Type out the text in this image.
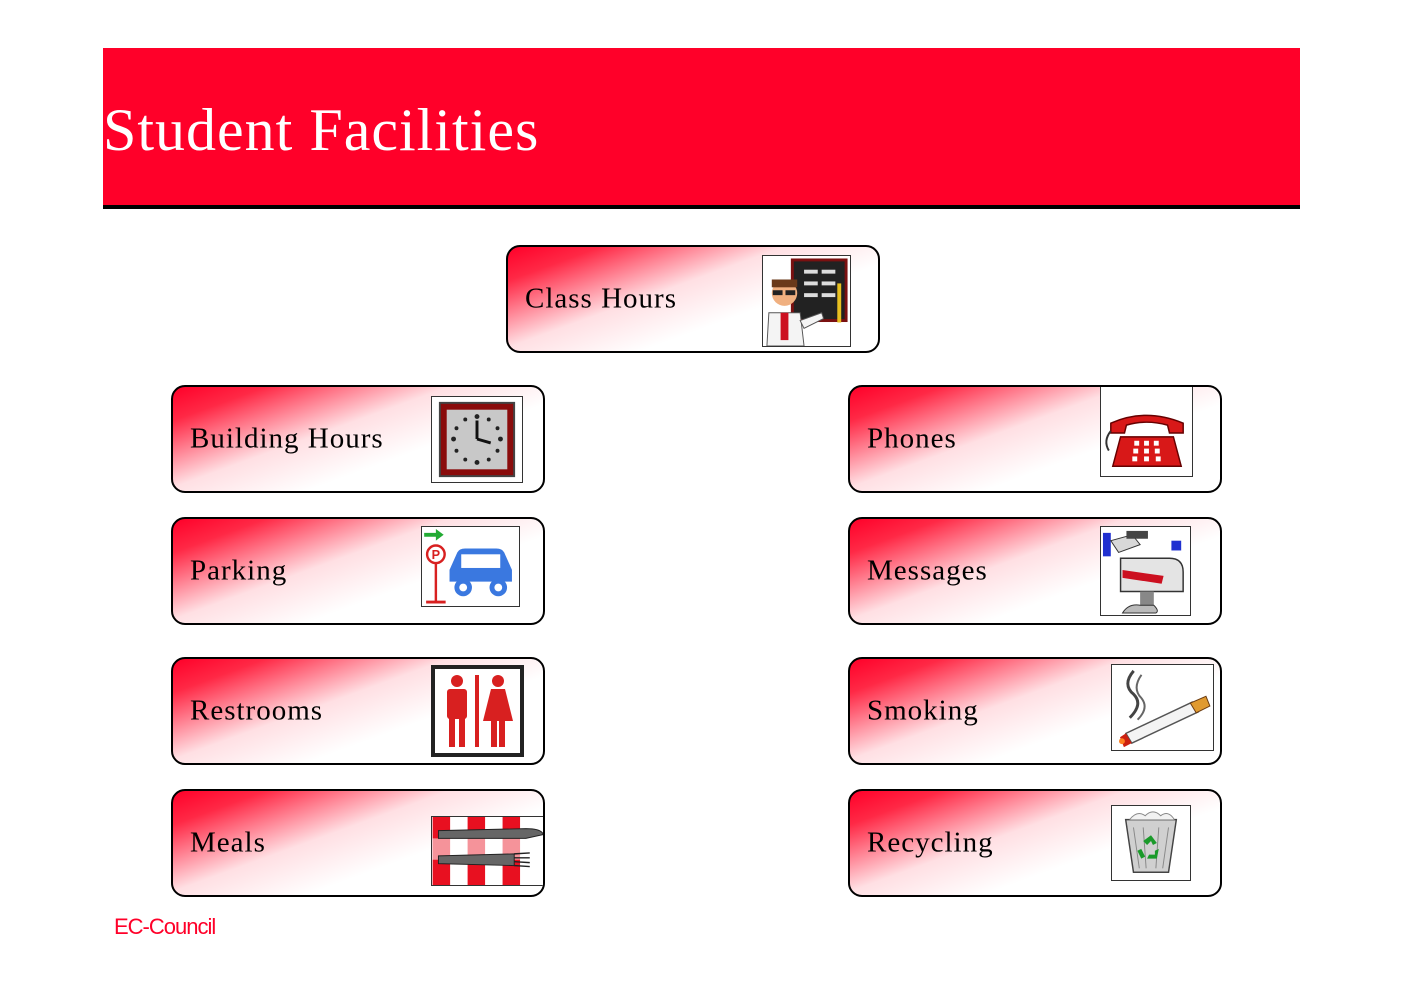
Student Facilities
Class Hours
Building Hours	Phones
Parking	P	Messages
Restrooms	Smoking
Meals	Recycling
EC-Council
